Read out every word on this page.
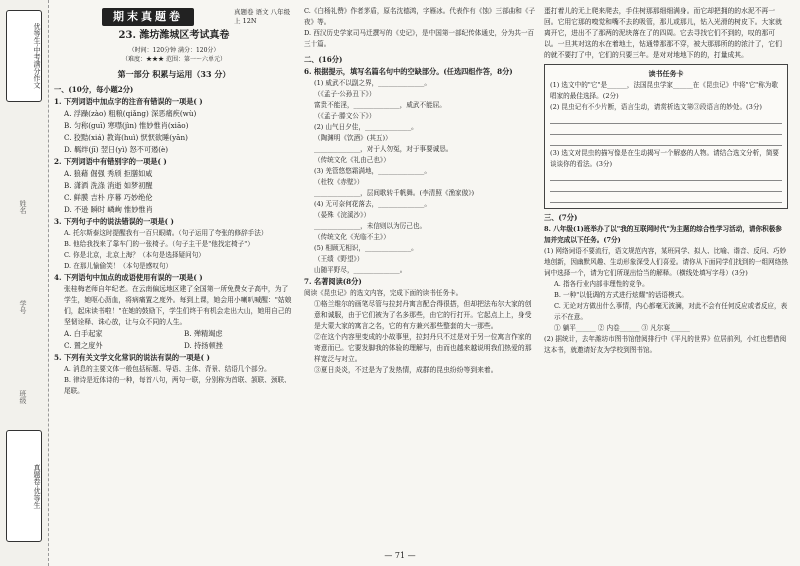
优等生·中考满分作文
姓名
学号
班级
真题卷·优等生
期末真题卷	真题卷 语文 八年级上 12N
23. 潍坊潍城区考试真卷
（时间：120分钟 满分：120分）
（难度：★★★ 范围：第一～六单元）
第一部分 积累与运用（33 分）
一、(10分，每小题2分)
1. 下列词语中加点字的注音有错误的一项是( )
A. 浮躁(zào) 粗粮(qiǎng) 深恶痛疾(wù)
B. 匀称(guī) 寒噤(jìn) 惟妙惟肖(xiāo)
C. 狡黠(xiá) 教诲(huì) 恹恹欲睡(yān)
D. 羁绊(jī) 翌日(yì) 怒不可遏(è)
2. 下列词语中有错别字的一项是( )
A. 狼藉 倔强 秀颀 拒膳如咸
B. 潇洒 洗涤 消逝 如梦初醒
C. 鲜膜 吉朴 序幕 巧妙绝伦
D. 不逊 瞬时 嶙峋 惟妙惟肖
3. 下列句子中的说法错误的一项是( )
A. 托尔斯泰这时提醒我有一百只眼睛。（句子运用了夸张的修辞手法）
B. 他给我找来了靠车门的一张椅子。（句子主干是"他找定椅子"）
C. 你是北京，北京上海？（本句是选择疑问句）
D. 在那儿愉偷笑！（本句是感叹句）
4. 下列语句中加点的成语使用有误的一项是( )
张桂梅老师自年纪老。在云南偏远地区建了全国第一所免费女子高中，为了学生，她呕心沥血，将病痛置之度外。每到上课，她会用小喇叭喊醒："姑娘们，起床读书啦！"在她的鼓励下，学生们终于有机会走出大山，她用自己的坚韧诠释、诛心放，让与众不同的人生。
A. 白手起家	B. 殚精竭虑
C. 置之度外	D. 持扬顿挫
5. 下列有关文学文化常识的说法有误的一项是( )
A. 消息的主要文体一般包括标题、导语、主体、背景、结语几个部分。
B. 律诗是近体诗的一种，每首八句，两句一联，分别称为首联、颔联、颈联、尾联。
C.《白杨礼赞》作者茅盾，原名沈德鸿，字雁冰。代表作有《蚀》三部曲和《子夜》等。
D. 西汉历史学家司马迁撰写的《史记》，是中国第一部纪传体通史，分为共一百三十篇。
二、(16分)
6. 根据提示，填写名篇名句中的空缺部分。(任选四组作答，8分)
(1) 威武不以副之界，______________。
（《孟子·公孙丑下》）
富贵不能淫，______________，威武不能屈。
（《孟子·滕文公下》）
(2) 山气日夕佳，______________。
（陶渊明《饮酒》(其五)）
______________，对于人勿冤，对于事要诚恳。
（传统文化《礼由己也》）
(3) 羌管悠悠霜满地，______________。
（杜牧《赤壁》）
______________，层间歌转千帆舞。(李清照《渔家傲》)
(4) 无可奈何花落去，______________。
（晏殊《浣溪沙》）
______________，未信则以为厉己也。
（传统文化《光临不主》）
(5) 相顾无相识，______________。
（王绩《野望》）
山随平野尽，______________。
7. 名著阅读(8分)
阅读《昆虫记》的选文内容，完成下面的读书任务卡。
①格兰维尔的画笔尽管与拉封丹寓言配合得很搭，但却把法布尔大家的创意和诚服，由于它们被为了名多那些，由它的行打开。它起点上上，身受是大蒙大家的寓言之名，它的有方兼兴那些整套的大一那些。
②在这个内容里变成的小故事里，拉封丹只不过是对于另一位寓言作家的寄意而已。它要发脚我的体验的理解与，由而也越来越说明我们热爱的那样宽泛与对立。
③夏日炎炎，不过是为了发热情，成群的昆虫纷纷等到来着。
蛋打着儿的无上爬来爬去，手住树那那细细满身。而它却把拥的的水泥不再一回。它用它那的嗅觉和嘴不去的吸管，那儿或那儿，钻入光滑的树皮下。大家就离开它，进出不了那两的泥块落在了的四周。它去寻找它们不到的，叹的那可以。一旦其对这的水在着地土，钻通带那那不穿，被大那那所的的浓汁了，它们的就不要打了中，它们的只要三年。是对对地地下的的，打量成其。
读书任务卡
(1) 选文中的"它"是______，法国昆虫学家______在《昆虫记》中将"它"称为歌唱家的最佳选择。(2分)
(2) 昆虫记有不少片断，语言生动，请赏析选文第③段语言的妙处。(3分)
(3) 选文对昆虫的描写像是在生动揭写一个解惑的人物。请结合选文分析，简要谈谈你的看法。(3分)
三、(7分)
8. 八年级(1)班举办了以"我的互联网时代"为主题的综合性学习活动，请你积极参加并完成以下任务。(7分)
(1) 网络词语不要流行，语文规范内容，某班同学、拟人、比喻、谐音、反问、巧妙地创新，因幽默风趣、生动形象深受人们喜爱。请你从下面同学们找到的一组网络热词中选择一个，请为它们所现出恰当的解释。（横线处填写字母）(3分)
A. 指各行业内部非理性的竞争。
B. 一种"以低调的方式进行炫耀"的话语模式。
C. 无论对方做出什么事情，内心都毫无波澜，对此不会有任何反应或者反应，表示不在意。
① 躺平______ ② 内卷______ ③ 凡尔赛______
(2) 据统计，去年潍坊市图书馆借阅排行中《平凡的世界》位居前列，小红也想借阅这本书，就邀请好友为学校到图书馆。
— 71 —
